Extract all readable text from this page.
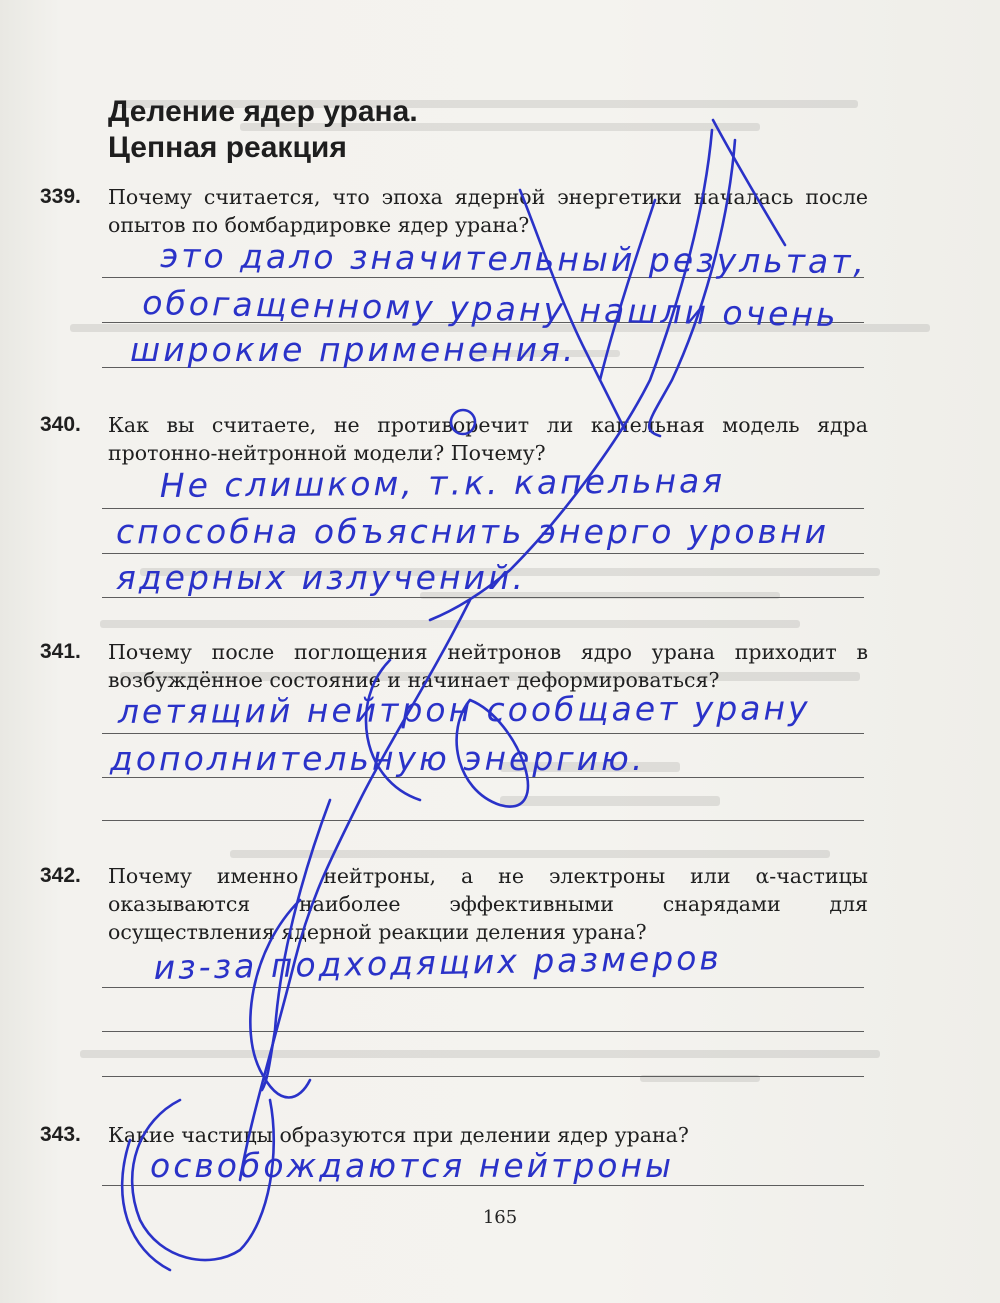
Деление ядер урана.
Цепная реакция
339.	Почему считается, что эпоха ядерной энергетики началась после опытов по бомбардировке ядер урана?
это дало значительный результат,
обогащенному урану нашли очень
широкие применения.
340.	Как вы считаете, не противоречит ли капельная модель ядра протонно-нейтронной модели? Почему?
Не слишком, т.к. капельная
способна объяснить энерго уровни
ядерных излучений.
341.	Почему после поглощения нейтронов ядро урана приходит в возбуждённое состояние и начинает деформироваться?
летящий нейтрон сообщает урану
дополнительную энергию.
342.	Почему именно нейтроны, а не электроны или α-частицы оказываются наиболее эффективными снарядами для осуществления ядерной реакции деления урана?
из-за подходящих размеров
343.	Какие частицы образуются при делении ядер урана?
освобождаются нейтроны
165
